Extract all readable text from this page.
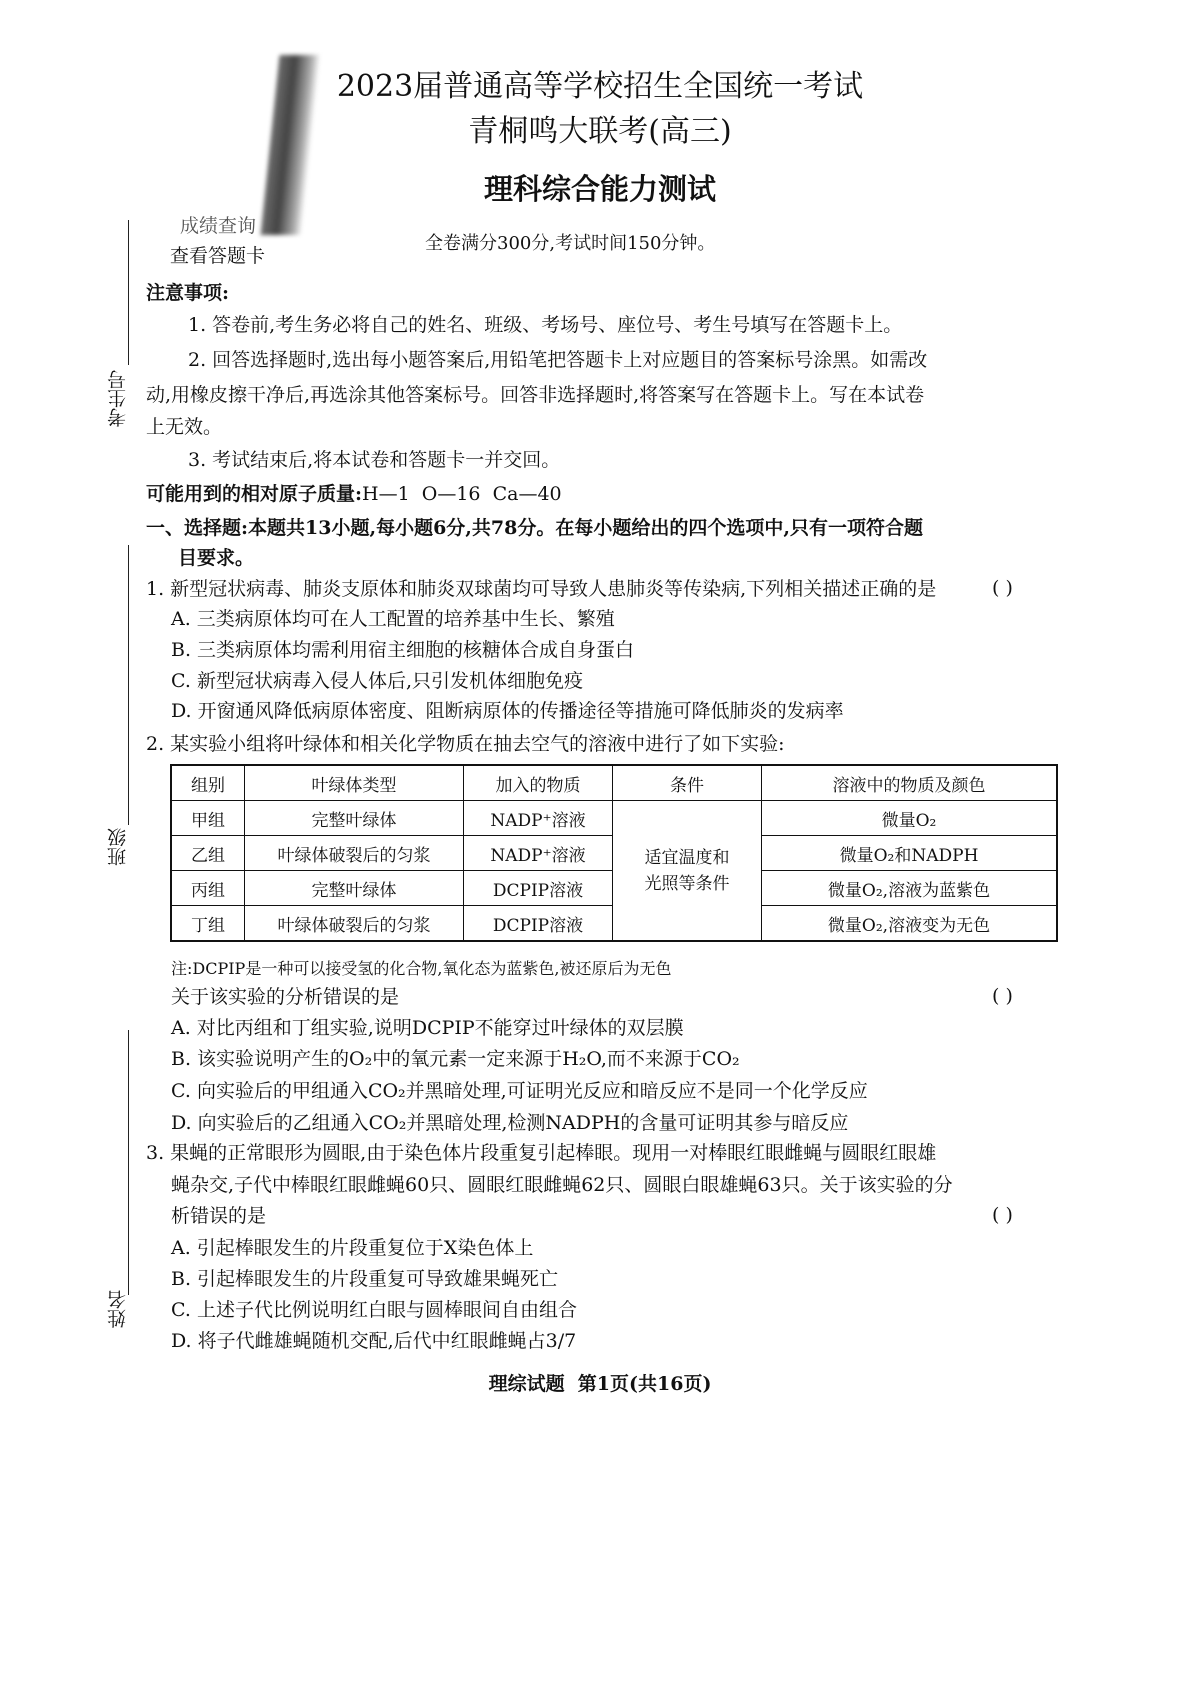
考生号
班级
姓名
2023届普通高等学校招生全国统一考试
青桐鸣大联考(高三)
理科综合能力测试
成绩查询
查看答题卡
全卷满分300分,考试时间150分钟。
注意事项:
1. 答卷前,考生务必将自己的姓名、班级、考场号、座位号、考生号填写在答题卡上。
2. 回答选择题时,选出每小题答案后,用铅笔把答题卡上对应题目的答案标号涂黑。如需改
动,用橡皮擦干净后,再选涂其他答案标号。回答非选择题时,将答案写在答题卡上。写在本试卷
上无效。
3. 考试结束后,将本试卷和答题卡一并交回。
可能用到的相对原子质量:H—1  O—16  Ca—40
一、选择题:本题共13小题,每小题6分,共78分。在每小题给出的四个选项中,只有一项符合题
目要求。
1. 新型冠状病毒、肺炎支原体和肺炎双球菌均可导致人患肺炎等传染病,下列相关描述正确的是	( )
A. 三类病原体均可在人工配置的培养基中生长、繁殖
B. 三类病原体均需利用宿主细胞的核糖体合成自身蛋白
C. 新型冠状病毒入侵人体后,只引发机体细胞免疫
D. 开窗通风降低病原体密度、阻断病原体的传播途径等措施可降低肺炎的发病率
2. 某实验小组将叶绿体和相关化学物质在抽去空气的溶液中进行了如下实验:
组别	叶绿体类型	加入的物质	条件	溶液中的物质及颜色
甲组	完整叶绿体	NADP⁺溶液	适宜温度和光照等条件	微量O₂
乙组	叶绿体破裂后的匀浆	NADP⁺溶液		微量O₂和NADPH
丙组	完整叶绿体	DCPIP溶液		微量O₂,溶液为蓝紫色
丁组	叶绿体破裂后的匀浆	DCPIP溶液		微量O₂,溶液变为无色
注:DCPIP是一种可以接受氢的化合物,氧化态为蓝紫色,被还原后为无色
关于该实验的分析错误的是	( )
A. 对比丙组和丁组实验,说明DCPIP不能穿过叶绿体的双层膜
B. 该实验说明产生的O₂中的氧元素一定来源于H₂O,而不来源于CO₂
C. 向实验后的甲组通入CO₂并黑暗处理,可证明光反应和暗反应不是同一个化学反应
D. 向实验后的乙组通入CO₂并黑暗处理,检测NADPH的含量可证明其参与暗反应
3. 果蝇的正常眼形为圆眼,由于染色体片段重复引起棒眼。现用一对棒眼红眼雌蝇与圆眼红眼雄
蝇杂交,子代中棒眼红眼雌蝇60只、圆眼红眼雌蝇62只、圆眼白眼雄蝇63只。关于该实验的分
析错误的是	( )
A. 引起棒眼发生的片段重复位于X染色体上
B. 引起棒眼发生的片段重复可导致雄果蝇死亡
C. 上述子代比例说明红白眼与圆棒眼间自由组合
D. 将子代雌雄蝇随机交配,后代中红眼雌蝇占3/7
理综试题  第1页(共16页)
